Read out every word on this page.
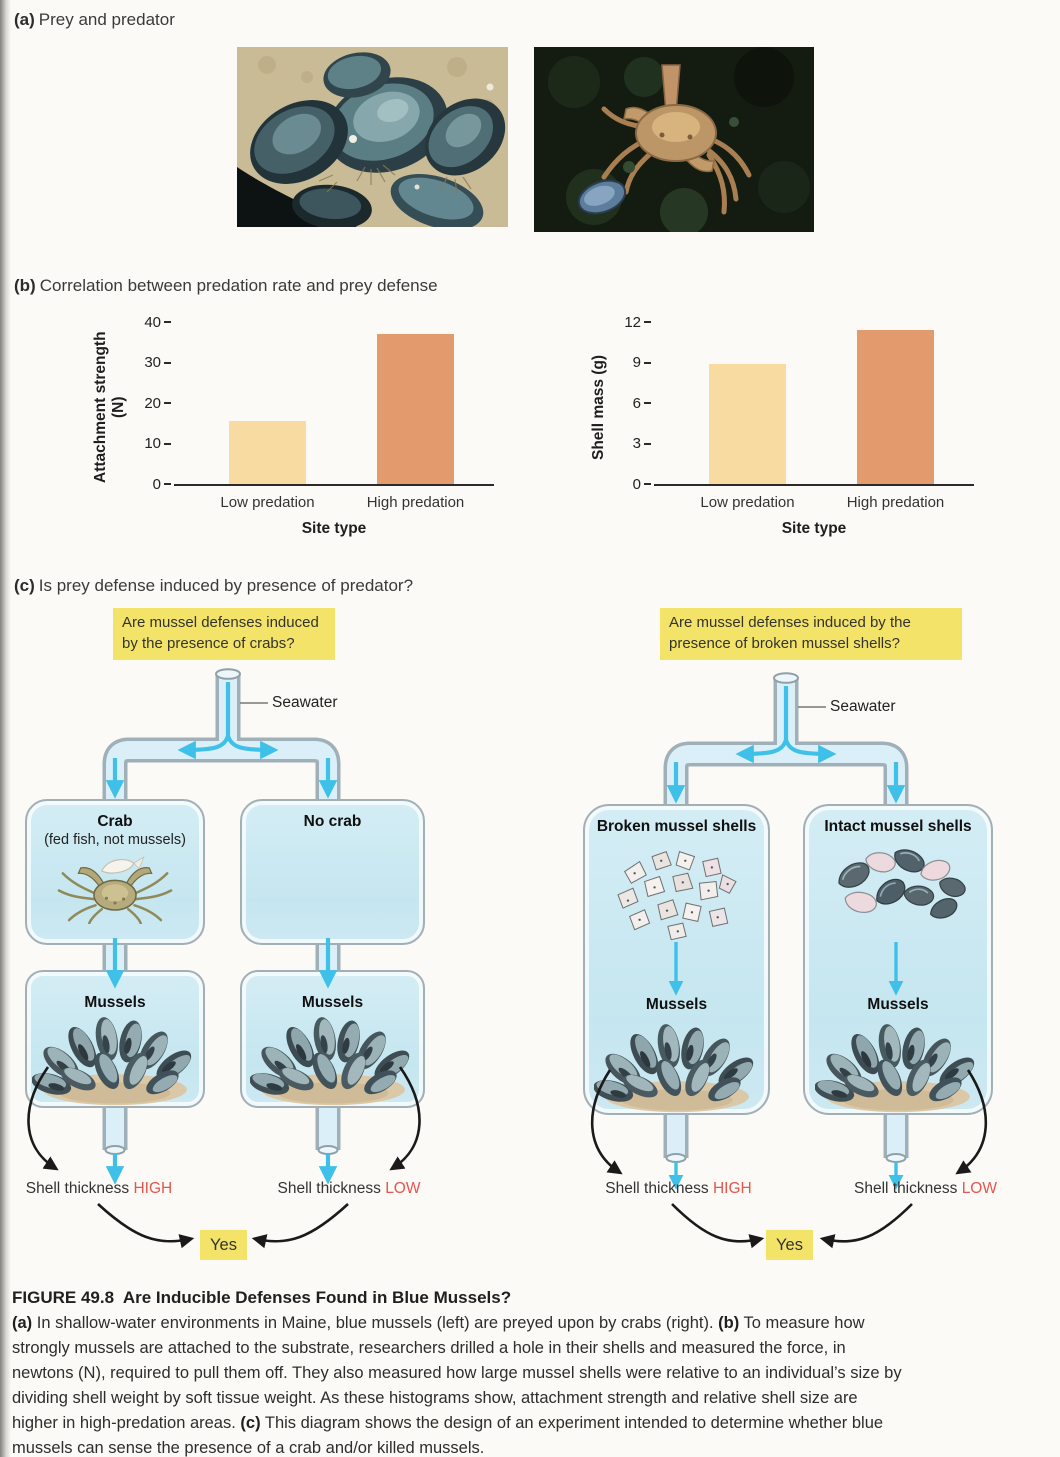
(a) Prey and predator
(b) Correlation between predation rate and prey defense
Attachment strength (N)
0
10
20
30
40
Low predation	High predation
Site type
Shell mass (g)
0
3
6
9
12
Low predation	High predation
Site type
(c) Is prey defense induced by presence of predator?
Are mussel defenses induced by the presence of crabs?
Are mussel defenses induced by the presence of broken mussel shells?
Seawater	Seawater
Crab
(fed fish, not mussels)
No crab
Mussels	Mussels
Broken mussel shells
Mussels
Intact mussel shells
Mussels
Shell thickness HIGH	Shell thickness LOW	Shell thickness HIGH	Shell thickness LOW
Yes	Yes
FIGURE 49.8  Are Inducible Defenses Found in Blue Mussels?

(a) In shallow-water environments in Maine, blue mussels (left) are preyed upon by crabs (right). (b) To measure how strongly mussels are attached to the substrate, researchers drilled a hole in their shells and measured the force, in newtons (N), required to pull them off. They also measured how large mussel shells were relative to an individual’s size by dividing shell weight by soft tissue weight. As these histograms show, attachment strength and relative shell size are higher in high-predation areas. (c) This diagram shows the design of an experiment intended to determine whether blue mussels can sense the presence of a crab and/or killed mussels.
